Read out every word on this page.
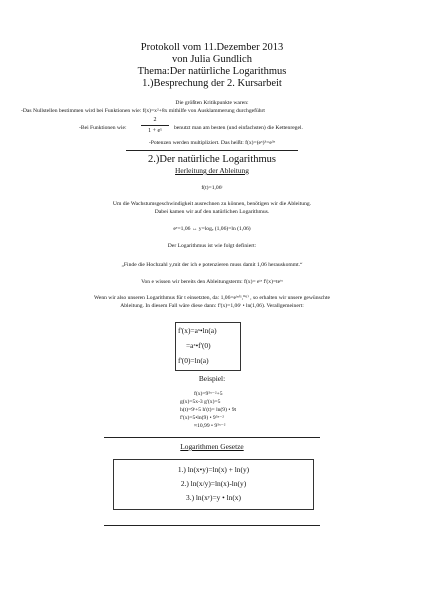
Protokoll vom 11.Dezember 2013
von Julia Gundlich
Thema:Der natürliche Logarithmus
1.)Besprechung der 2. Kursarbeit
Die größten Kritikpunkte waren:
-Das Nullstellen bestimmen wird bei Funktionen wie: f(x)=x²+8x mithilfe von Ausklammerung durchgeführt
-Bei Funktionen wie:
2
1 + eˣ	benutzt man am besten (und einfachsten) die Kettenregel.
-Potenzen werden multipliziert. Das heißt: f(x)=(eˣ)³=e³ˣ
2.)Der natürliche Logarithmus
Herleitung der Ableitung
f(t)=1,06ᵗ
Um die Wachstumsgeschwindigkeit ausrechnen zu können, benötigen wir die Ableitung.
Dabei kamen wir auf den natürlichen Logarithmus.
eʸ=1,06 ↔ y=logₑ (1,06)=ln (1,06)
Der Logarithmus ist wie folgt definiert:
„Finde die Hochzahl y,mit der ich e potenzieren muss damit 1,06 herauskommt.“
Von e wissen wir bereits den Ableitungsterm: f(x)= eᵗˣ f'(x)=teᵗˣ
Wenn wir also unseren Logarithmus für t einsetzten, da: 1,06=eˡⁿ⁽¹,⁰⁶⁾ , so erhalten wir unsere gewünschte
Ableitung. In diesem Fall wäre diese dann: f'(x)=1,06ᵗ • ln(1,06). Verallgemeinert:
f'(x)=aˣ•ln(a)
=aˣ•f'(0)
f'(0)=ln(a)
Beispiel:
f(x)=9⁵ˣ⁻²+5
g(x)=5x-3 g'(x)=5
h(t)=9ᵗ+5 h'(t)= ln(9) • 9t
f'(x)=5•ln(9) • 9⁵ˣ⁻²
≈10,99 • 9⁵ˣ⁻²
Logarithmen Gesetze
1.) ln(x•y)=ln(x) + ln(y)
2.) ln(x/y)=ln(x)-ln(y)
3.) ln(xʸ)=y • ln(x)
